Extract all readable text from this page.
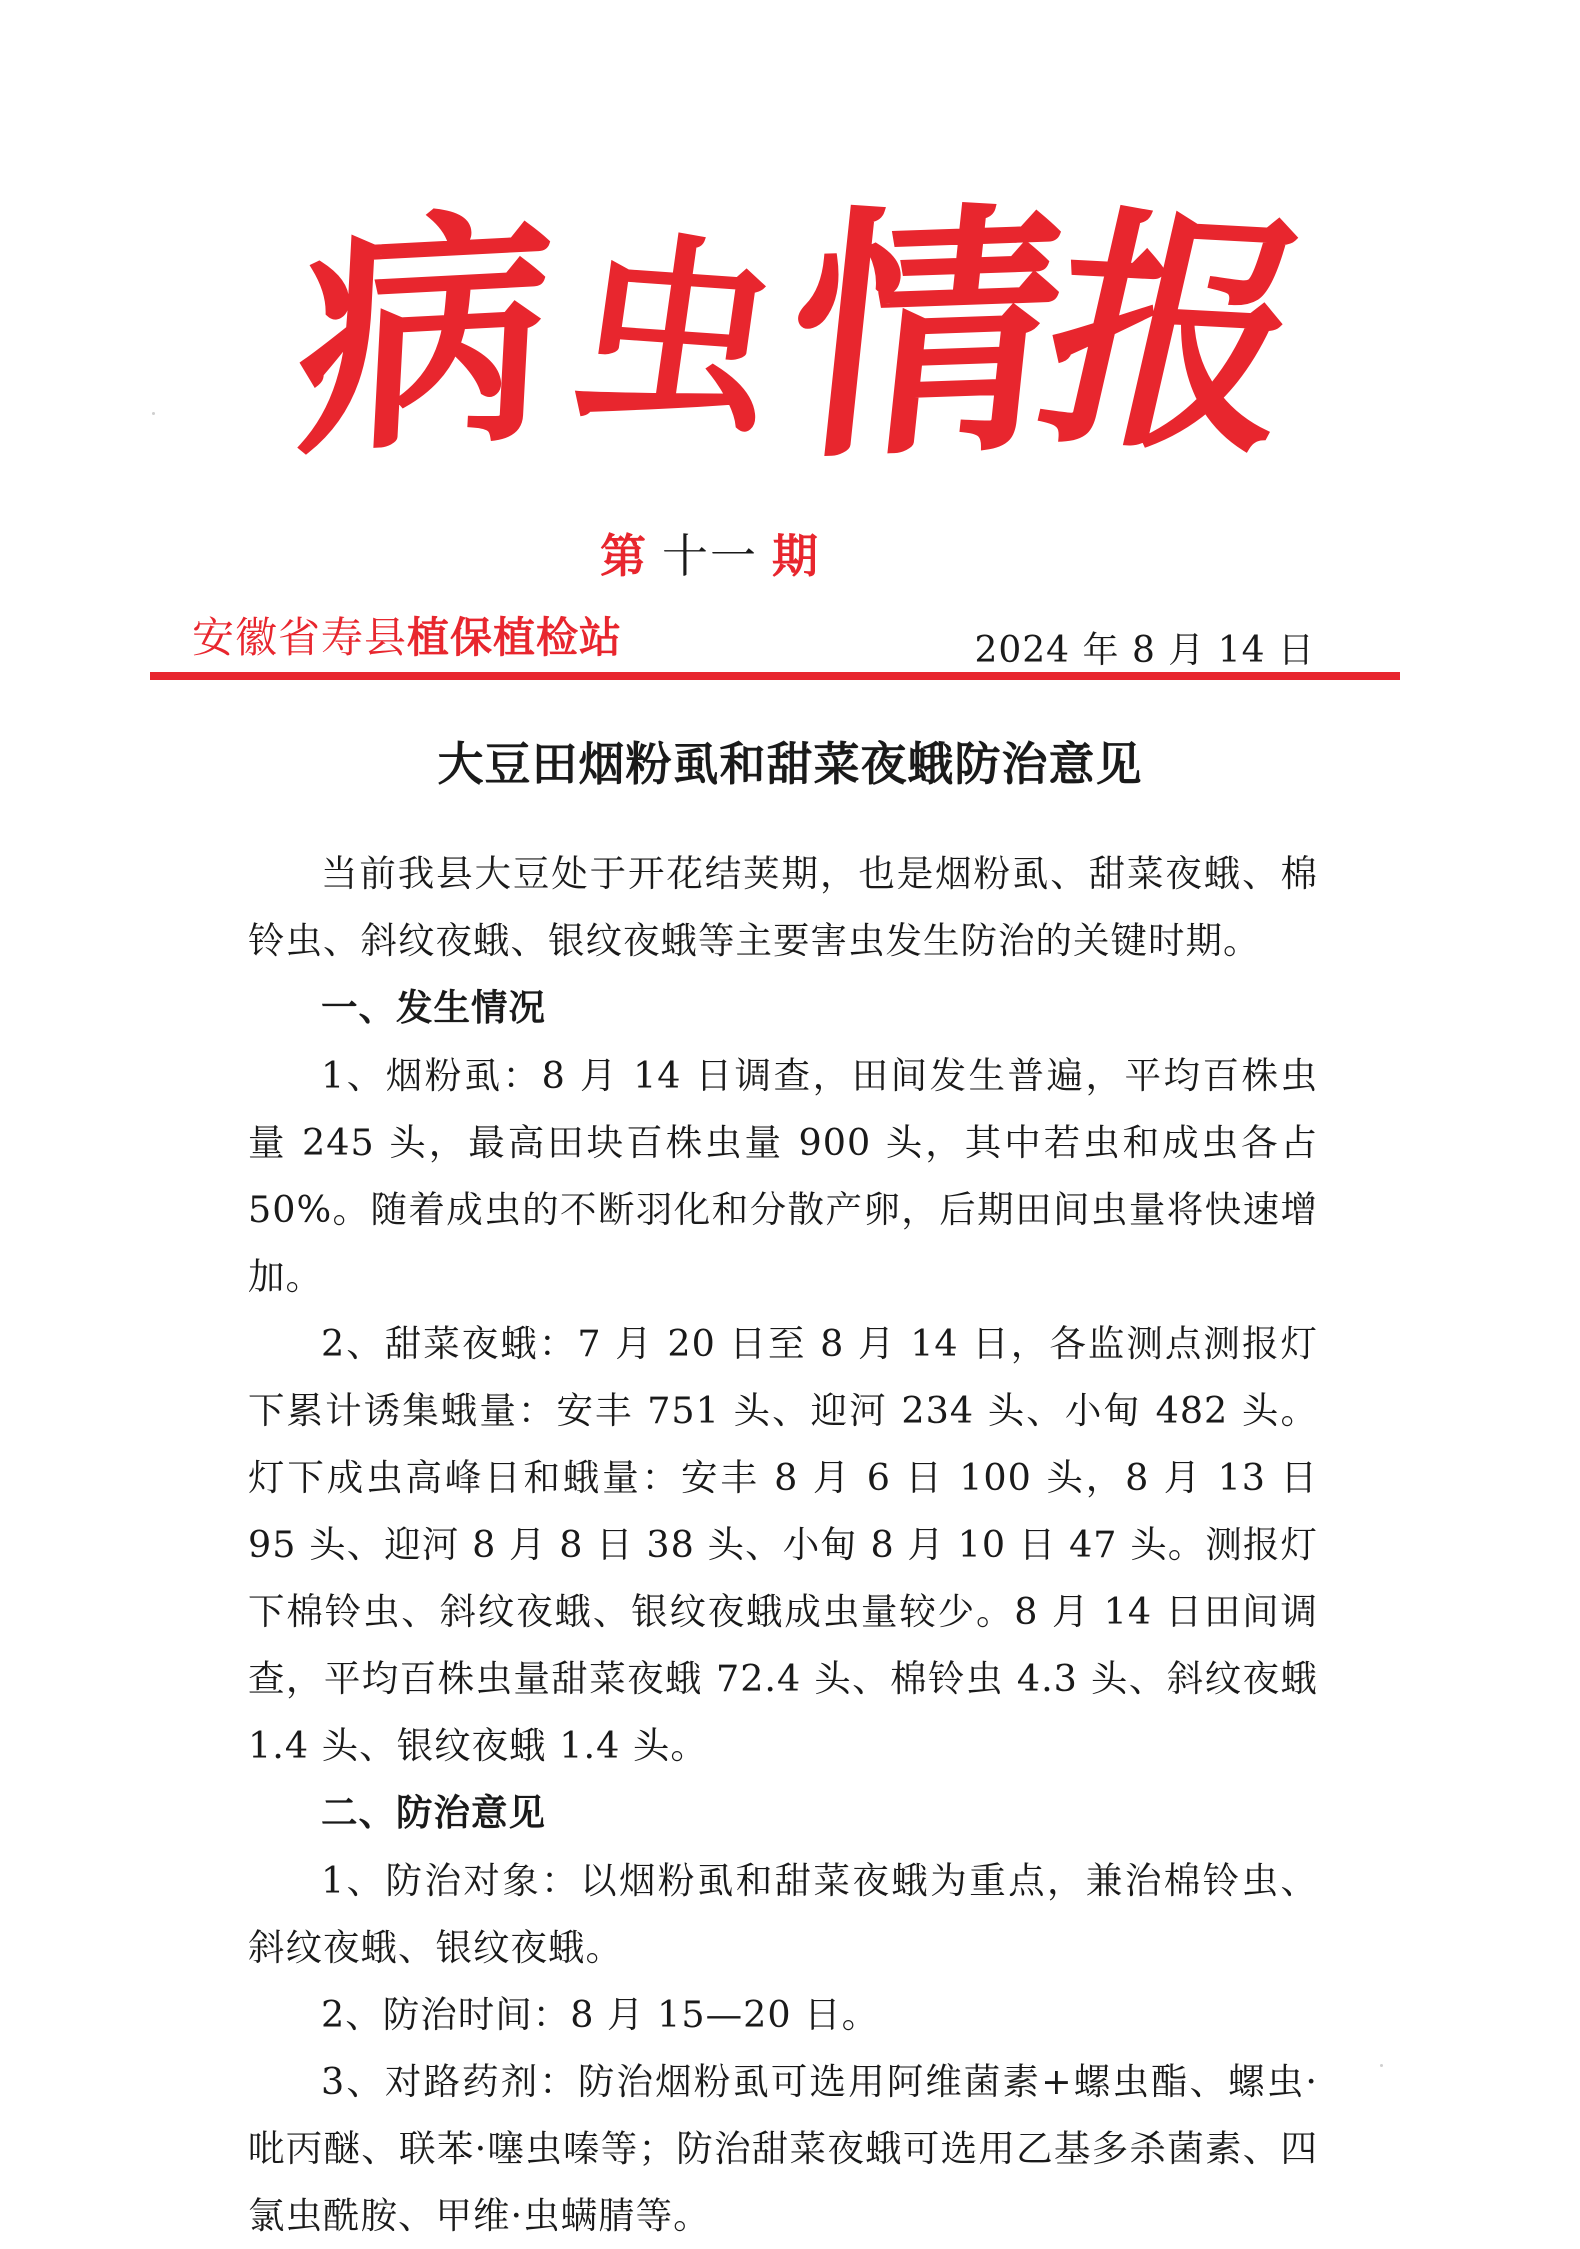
病
虫
情
报
第 十一 期
安徽省寿县植保植检站	2024 年 8 月 14 日
大豆田烟粉虱和甜菜夜蛾防治意见

当前我县大豆处于开花结荚期，也是烟粉虱、甜菜夜蛾、棉铃虫、斜纹夜蛾、银纹夜蛾等主要害虫发生防治的关键时期。

一、发生情况

1、烟粉虱：8 月 14 日调查，田间发生普遍，平均百株虫量 245 头，最高田块百株虫量 900 头，其中若虫和成虫各占 50%。随着成虫的不断羽化和分散产卵，后期田间虫量将快速增加。

2、甜菜夜蛾：7 月 20 日至 8 月 14 日，各监测点测报灯下累计诱集蛾量：安丰 751 头、迎河 234 头、小甸 482 头。灯下成虫高峰日和蛾量：安丰 8 月 6 日 100 头，8 月 13 日 95 头、迎河 8 月 8 日 38 头、小甸 8 月 10 日 47 头。测报灯下棉铃虫、斜纹夜蛾、银纹夜蛾成虫量较少。8 月 14 日田间调查，平均百株虫量甜菜夜蛾 72.4 头、棉铃虫 4.3 头、斜纹夜蛾 1.4 头、银纹夜蛾 1.4 头。

二、防治意见

1、防治对象：以烟粉虱和甜菜夜蛾为重点，兼治棉铃虫、斜纹夜蛾、银纹夜蛾。

2、防治时间：8 月 15—20 日。

3、对路药剂：防治烟粉虱可选用阿维菌素+螺虫酯、螺虫·吡丙醚、联苯·噻虫嗪等；防治甜菜夜蛾可选用乙基多杀菌素、四氯虫酰胺、甲维·虫螨腈等。
